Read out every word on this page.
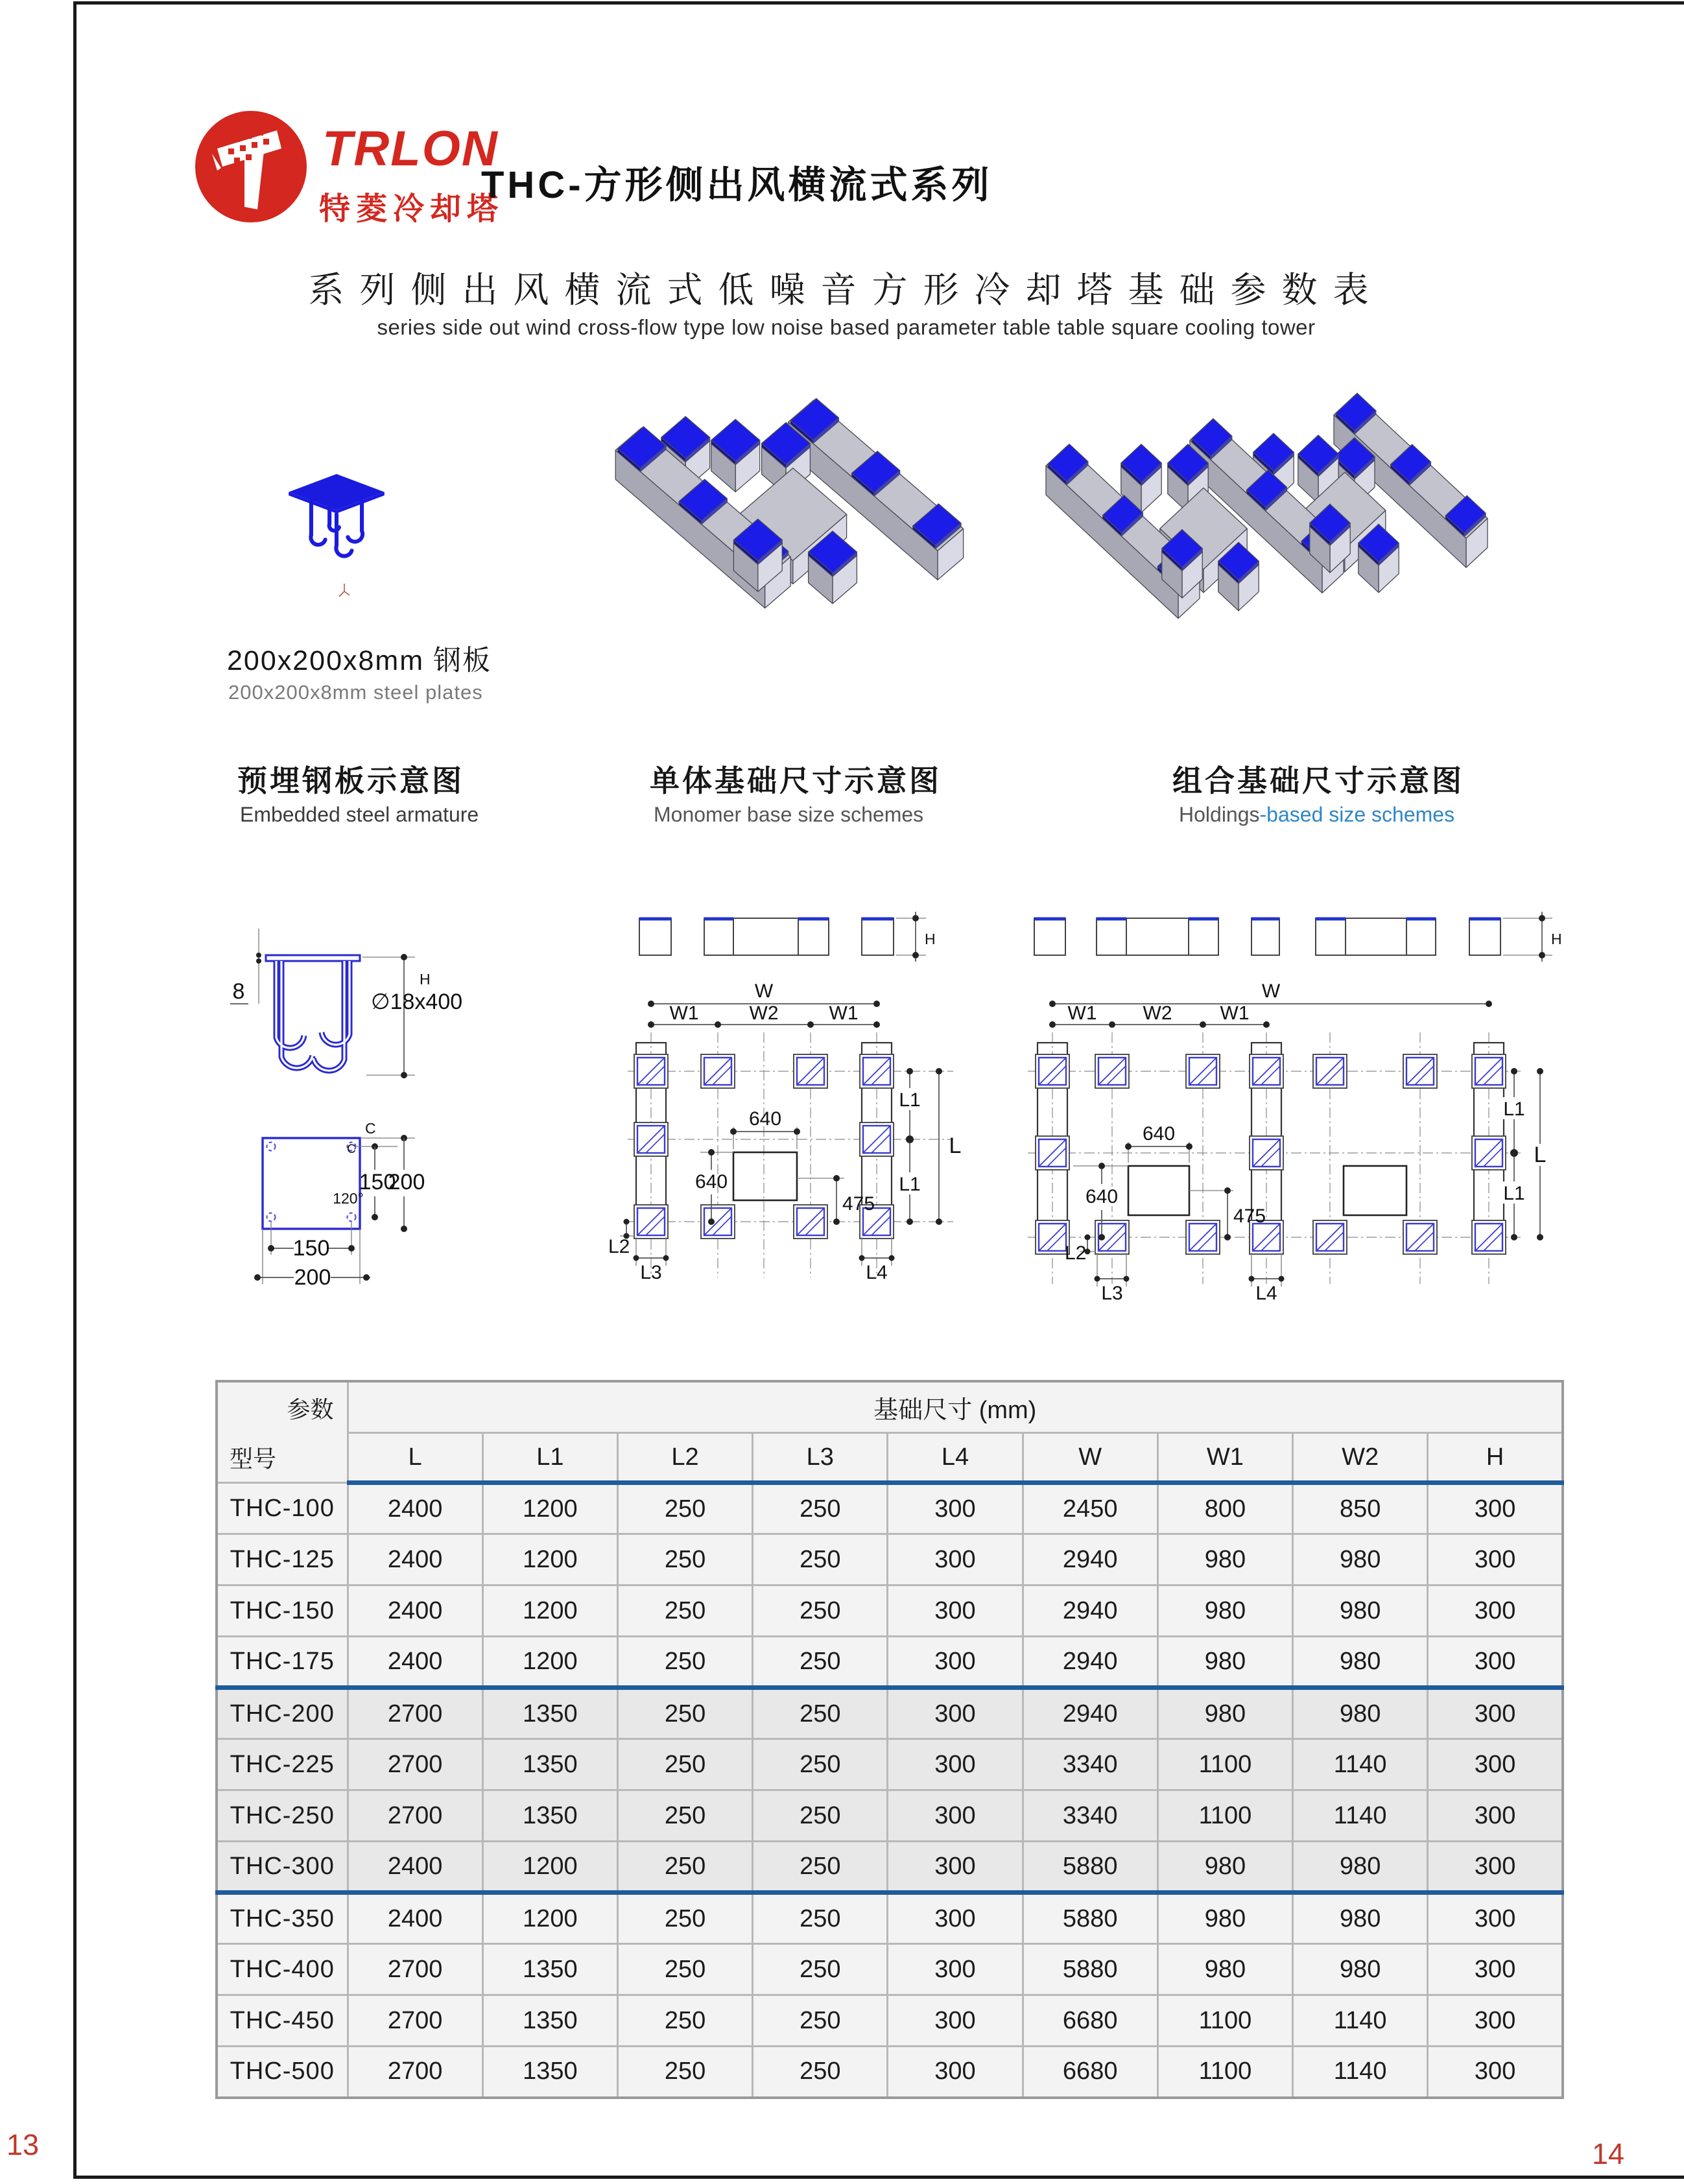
TRLON
特菱冷却塔
THC-方形侧出风横流式系列
系列侧出风横流式低噪音方形冷却塔基础参数表
series side out wind cross-flow type low noise based parameter table table square cooling tower
200x200x8mm 钢板
200x200x8mm steel plates
预埋钢板示意图
Embedded steel armature
单体基础尺寸示意图
Monomer base size schemes
组合基础尺寸示意图
Holdings-based size schemes
8	H
∅18x400
C
C
150
200
120°
150
200
H
W
W1	W2	W1
640
640
475
L1
L1
L
L2
L3	L4
H
W
W1 W2 W1
640
640
475
L2
L3	L4
L1
L1
L
参数
型号	基础尺寸 (mm)								
	L	L1	L2	L3	L4	W	W1	W2	H
THC-100	2400	1200	250	250	300	2450	800	850	300
THC-125	2400	1200	250	250	300	2940	980	980	300
THC-150	2400	1200	250	250	300	2940	980	980	300
THC-175	2400	1200	250	250	300	2940	980	980	300
THC-200	2700	1350	250	250	300	2940	980	980	300
THC-225	2700	1350	250	250	300	3340	1100	1140	300
THC-250	2700	1350	250	250	300	3340	1100	1140	300
THC-300	2400	1200	250	250	300	5880	980	980	300
THC-350	2400	1200	250	250	300	5880	980	980	300
THC-400	2700	1350	250	250	300	5880	980	980	300
THC-450	2700	1350	250	250	300	6680	1100	1140	300
THC-500	2700	1350	250	250	300	6680	1100	1140	300
13	14
